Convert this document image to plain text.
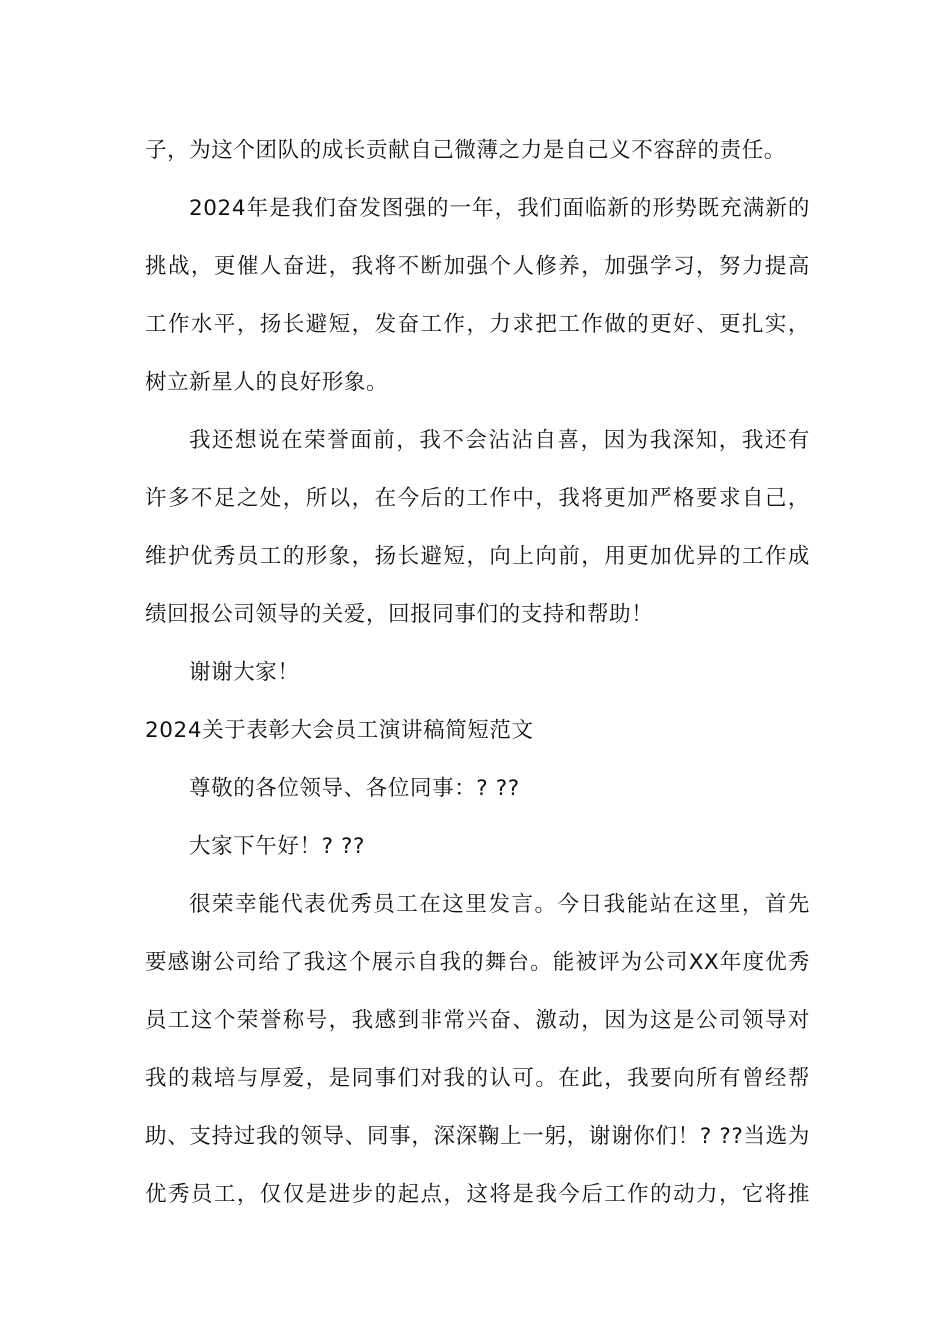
子，为这个团队的成长贡献自己微薄之力是自己义不容辞的责任。
2024年是我们奋发图强的一年，我们面临新的形势既充满新的
挑战，更催人奋进，我将不断加强个人修养，加强学习，努力提高
工作水平，扬长避短，发奋工作，力求把工作做的更好、更扎实，
树立新星人的良好形象。
我还想说在荣誉面前，我不会沾沾自喜，因为我深知，我还有
许多不足之处，所以，在今后的工作中，我将更加严格要求自己，
维护优秀员工的形象，扬长避短，向上向前，用更加优异的工作成
绩回报公司领导的关爱，回报同事们的支持和帮助！
谢谢大家！
2024关于表彰大会员工演讲稿简短范文
尊敬的各位领导、各位同事：? ??
大家下午好！? ??
很荣幸能代表优秀员工在这里发言。今日我能站在这里，首先
要感谢公司给了我这个展示自我的舞台。能被评为公司XX年度优秀
员工这个荣誉称号，我感到非常兴奋、激动，因为这是公司领导对
我的栽培与厚爱，是同事们对我的认可。在此，我要向所有曾经帮
助、支持过我的领导、同事，深深鞠上一躬，谢谢你们！? ??当选为
优秀员工，仅仅是进步的起点，这将是我今后工作的动力，它将推
